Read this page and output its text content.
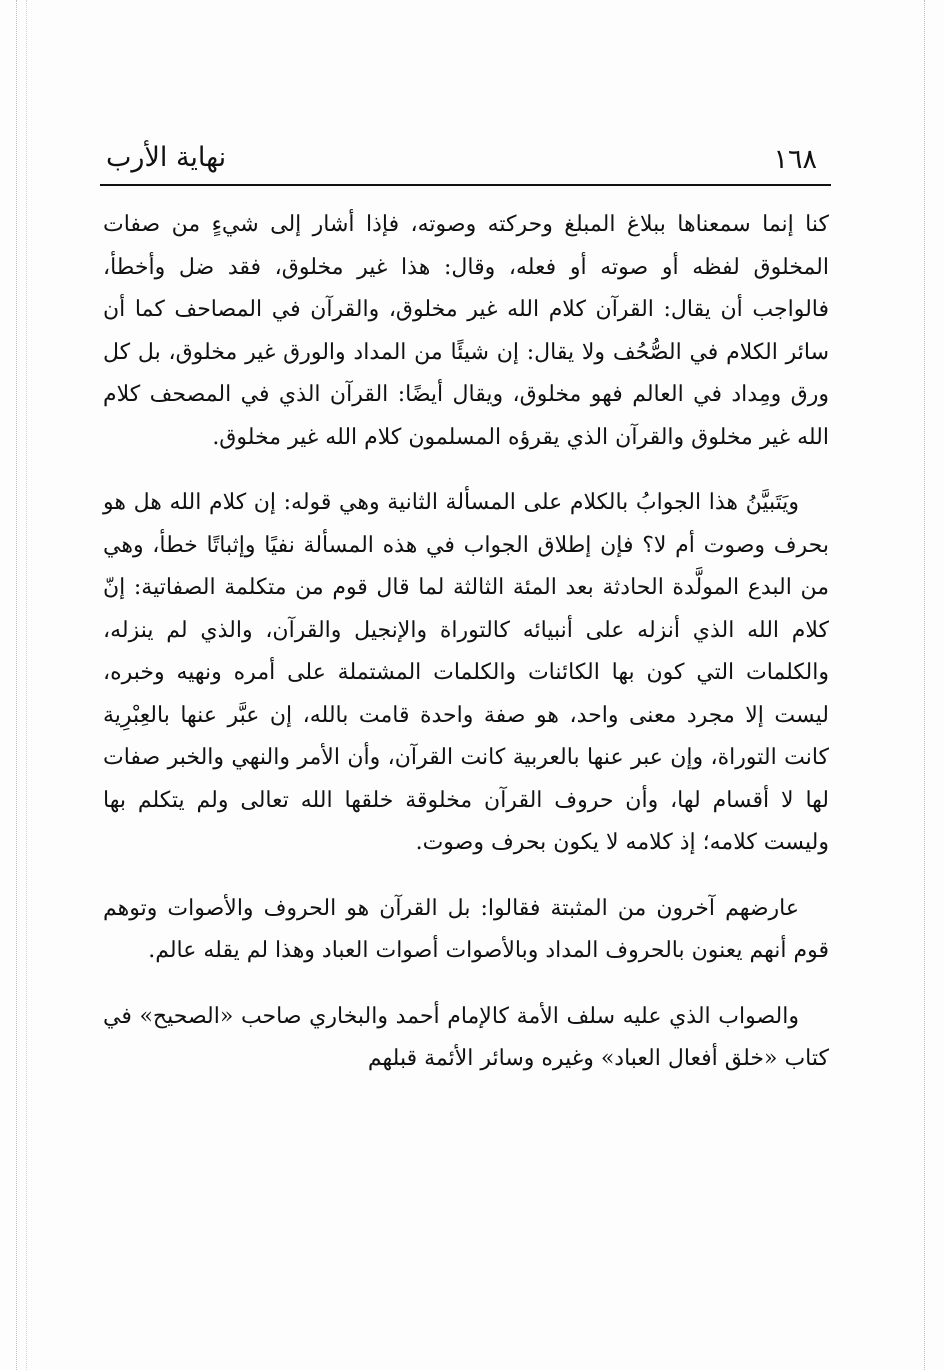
١٦٨
نهاية الأرب

كنا إنما سمعناها ببلاغ المبلغ وحركته وصوته، فإذا أشار إلى شيءٍ من صفات المخلوق لفظه أو صوته أو فعله، وقال: هذا غير مخلوق، فقد ضل وأخطأ، فالواجب أن يقال: القرآن كلام الله غير مخلوق، والقرآن في المصاحف كما أن سائر الكلام في الصُّحُف ولا يقال: إن شيئًا من المداد والورق غير مخلوق، بل كل ورق ومِداد في العالم فهو مخلوق، ويقال أيضًا: القرآن الذي في المصحف كلام الله غير مخلوق والقرآن الذي يقرؤه المسلمون كلام الله غير مخلوق.

ويَتَبيَّنُ هذا الجوابُ بالكلام على المسألة الثانية وهي قوله: إن كلام الله هل هو بحرف وصوت أم لا؟ فإن إطلاق الجواب في هذه المسألة نفيًا وإثباتًا خطأ، وهي من البدع المولَّدة الحادثة بعد المئة الثالثة لما قال قوم من متكلمة الصفاتية: إنّ كلام الله الذي أنزله على أنبيائه كالتوراة والإنجيل والقرآن، والذي لم ينزله، والكلمات التي كون بها الكائنات والكلمات المشتملة على أمره ونهيه وخبره، ليست إلا مجرد معنى واحد، هو صفة واحدة قامت بالله، إن عبَّر عنها بالعِبْرِية كانت التوراة، وإن عبر عنها بالعربية كانت القرآن، وأن الأمر والنهي والخبر صفات لها لا أقسام لها، وأن حروف القرآن مخلوقة خلقها الله تعالى ولم يتكلم بها وليست كلامه؛ إذ كلامه لا يكون بحرف وصوت.

عارضهم آخرون من المثبتة فقالوا: بل القرآن هو الحروف والأصوات وتوهم قوم أنهم يعنون بالحروف المداد وبالأصوات أصوات العباد وهذا لم يقله عالم.

والصواب الذي عليه سلف الأمة كالإمام أحمد والبخاري صاحب «الصحيح» في كتاب «خلق أفعال العباد» وغيره وسائر الأئمة قبلهم
